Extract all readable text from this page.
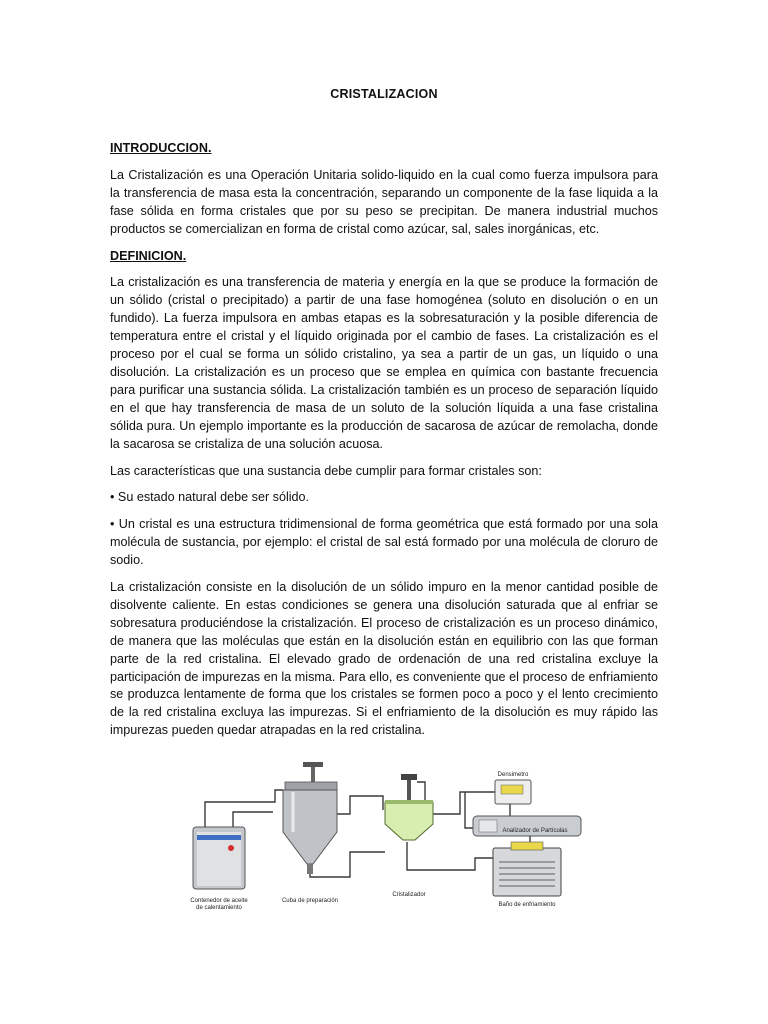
CRISTALIZACION
INTRODUCCION.

La Cristalización es una Operación Unitaria solido-liquido en la cual como fuerza impulsora para la transferencia de masa esta la concentración, separando un componente de la fase liquida a la fase sólida en forma cristales que por su peso se precipitan. De manera industrial muchos productos se comercializan en forma de cristal como azúcar, sal, sales inorgánicas, etc.

DEFINICION.

La cristalización es una transferencia de materia y energía en la que se produce la formación de un sólido (cristal o precipitado) a partir de una fase homogénea (soluto en disolución o en un fundido). La fuerza impulsora en ambas etapas es la sobresaturación y la posible diferencia de temperatura entre el cristal y el líquido originada por el cambio de fases. La cristalización es el proceso por el cual se forma un sólido cristalino, ya sea a partir de un gas, un líquido o una disolución. La cristalización es un proceso que se emplea en química con bastante frecuencia para purificar una sustancia sólida. La cristalización también es un proceso de separación líquido en el que hay transferencia de masa de un soluto de la solución líquida a una fase cristalina sólida pura. Un ejemplo importante es la producción de sacarosa de azúcar de remolacha, donde la sacarosa se cristaliza de una solución acuosa.

Las características que una sustancia debe cumplir para formar cristales son:

• Su estado natural debe ser sólido.

• Un cristal es una estructura tridimensional de forma geométrica que está formado por una sola molécula de sustancia, por ejemplo: el cristal de sal está formado por una molécula de cloruro de sodio.

La cristalización consiste en la disolución de un sólido impuro en la menor cantidad posible de disolvente caliente. En estas condiciones se genera una disolución saturada que al enfriar se sobresatura produciéndose la cristalización. El proceso de cristalización es un proceso dinámico, de manera que las moléculas que están en la disolución están en equilibrio con las que forman parte de la red cristalina. El elevado grado de ordenación de una red cristalina excluye la participación de impurezas en la misma. Para ello, es conveniente que el proceso de enfriamiento se produzca lentamente de forma que los cristales se formen poco a poco y el lento crecimiento de la red cristalina excluya las impurezas. Si el enfriamiento de la disolución es muy rápido las impurezas pueden quedar atrapadas en la red cristalina.

Contenedor de aceite
de calentamiento
Cuba de preparación
Cristalizador
Densimetro
Analizador de Partículas
Baño de enfriamiento
